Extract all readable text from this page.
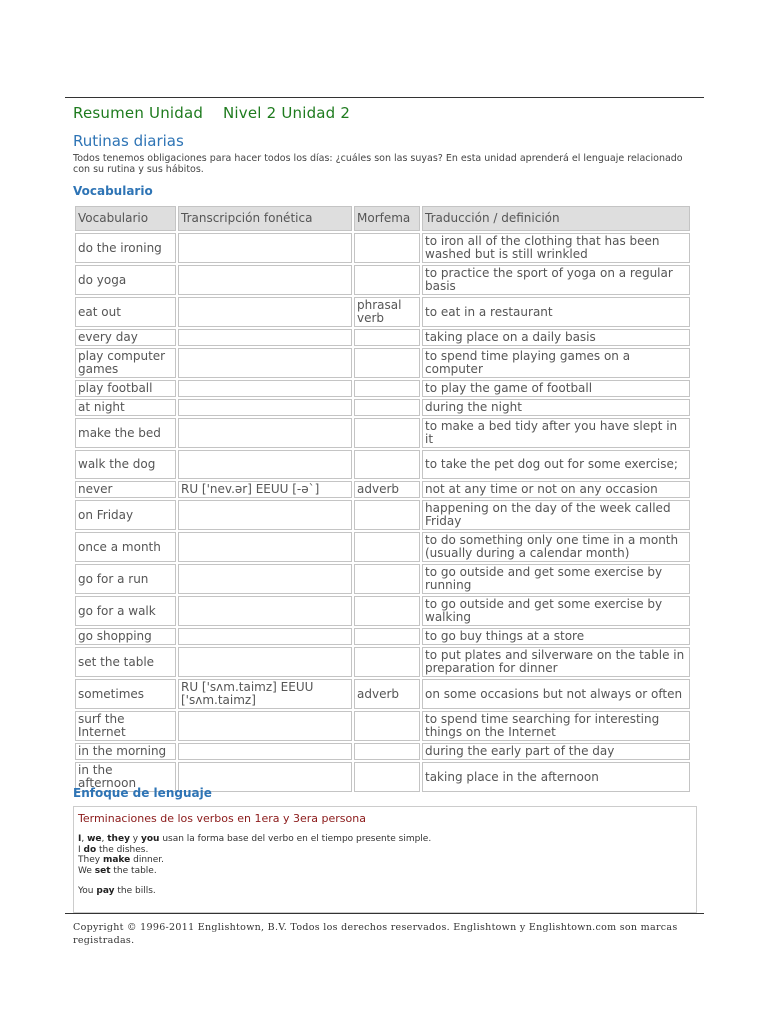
Resumen Unidad    Nivel 2 Unidad 2
Rutinas diarias
Todos tenemos obligaciones para hacer todos los días: ¿cuáles son las suyas? En esta unidad aprenderá el lenguaje relacionado con su rutina y sus hábitos.
Vocabulario
Vocabulario	Transcripción fonética	Morfema	Traducción / definición
do the ironing			to iron all of the clothing that has been washed but is still wrinkled
do yoga			to practice the sport of yoga on a regular basis
eat out		phrasal verb	to eat in a restaurant
every day			taking place on a daily basis
play computer games			to spend time playing games on a computer
play football			to play the game of football
at night			during the night
make the bed			to make a bed tidy after you have slept in it
walk the dog			to take the pet dog out for some exercise;
never	RU ['nev.ər] EEUU [-ə`]	adverb	not at any time or not on any occasion
on Friday			happening on the day of the week called Friday
once a month			to do something only one time in a month (usually during a calendar month)
go for a run			to go outside and get some exercise by running
go for a walk			to go outside and get some exercise by walking
go shopping			to go buy things at a store
set the table			to put plates and silverware on the table in preparation for dinner
sometimes	RU ['sʌm.taimz] EEUU ['sʌm.taimz]	adverb	on some occasions but not always or often
surf the Internet			to spend time searching for interesting things on the Internet
in the morning			during the early part of the day
in the afternoon			taking place in the afternoon
Enfoque de lenguaje
Terminaciones de los verbos en 1era y 3era persona
I, we, they y you usan la forma base del verbo en el tiempo presente simple.
I do the dishes.
They make dinner.
We set the table.
You pay the bills.
Copyright © 1996-2011 Englishtown, B.V. Todos los derechos reservados. Englishtown y Englishtown.com son marcas registradas.
